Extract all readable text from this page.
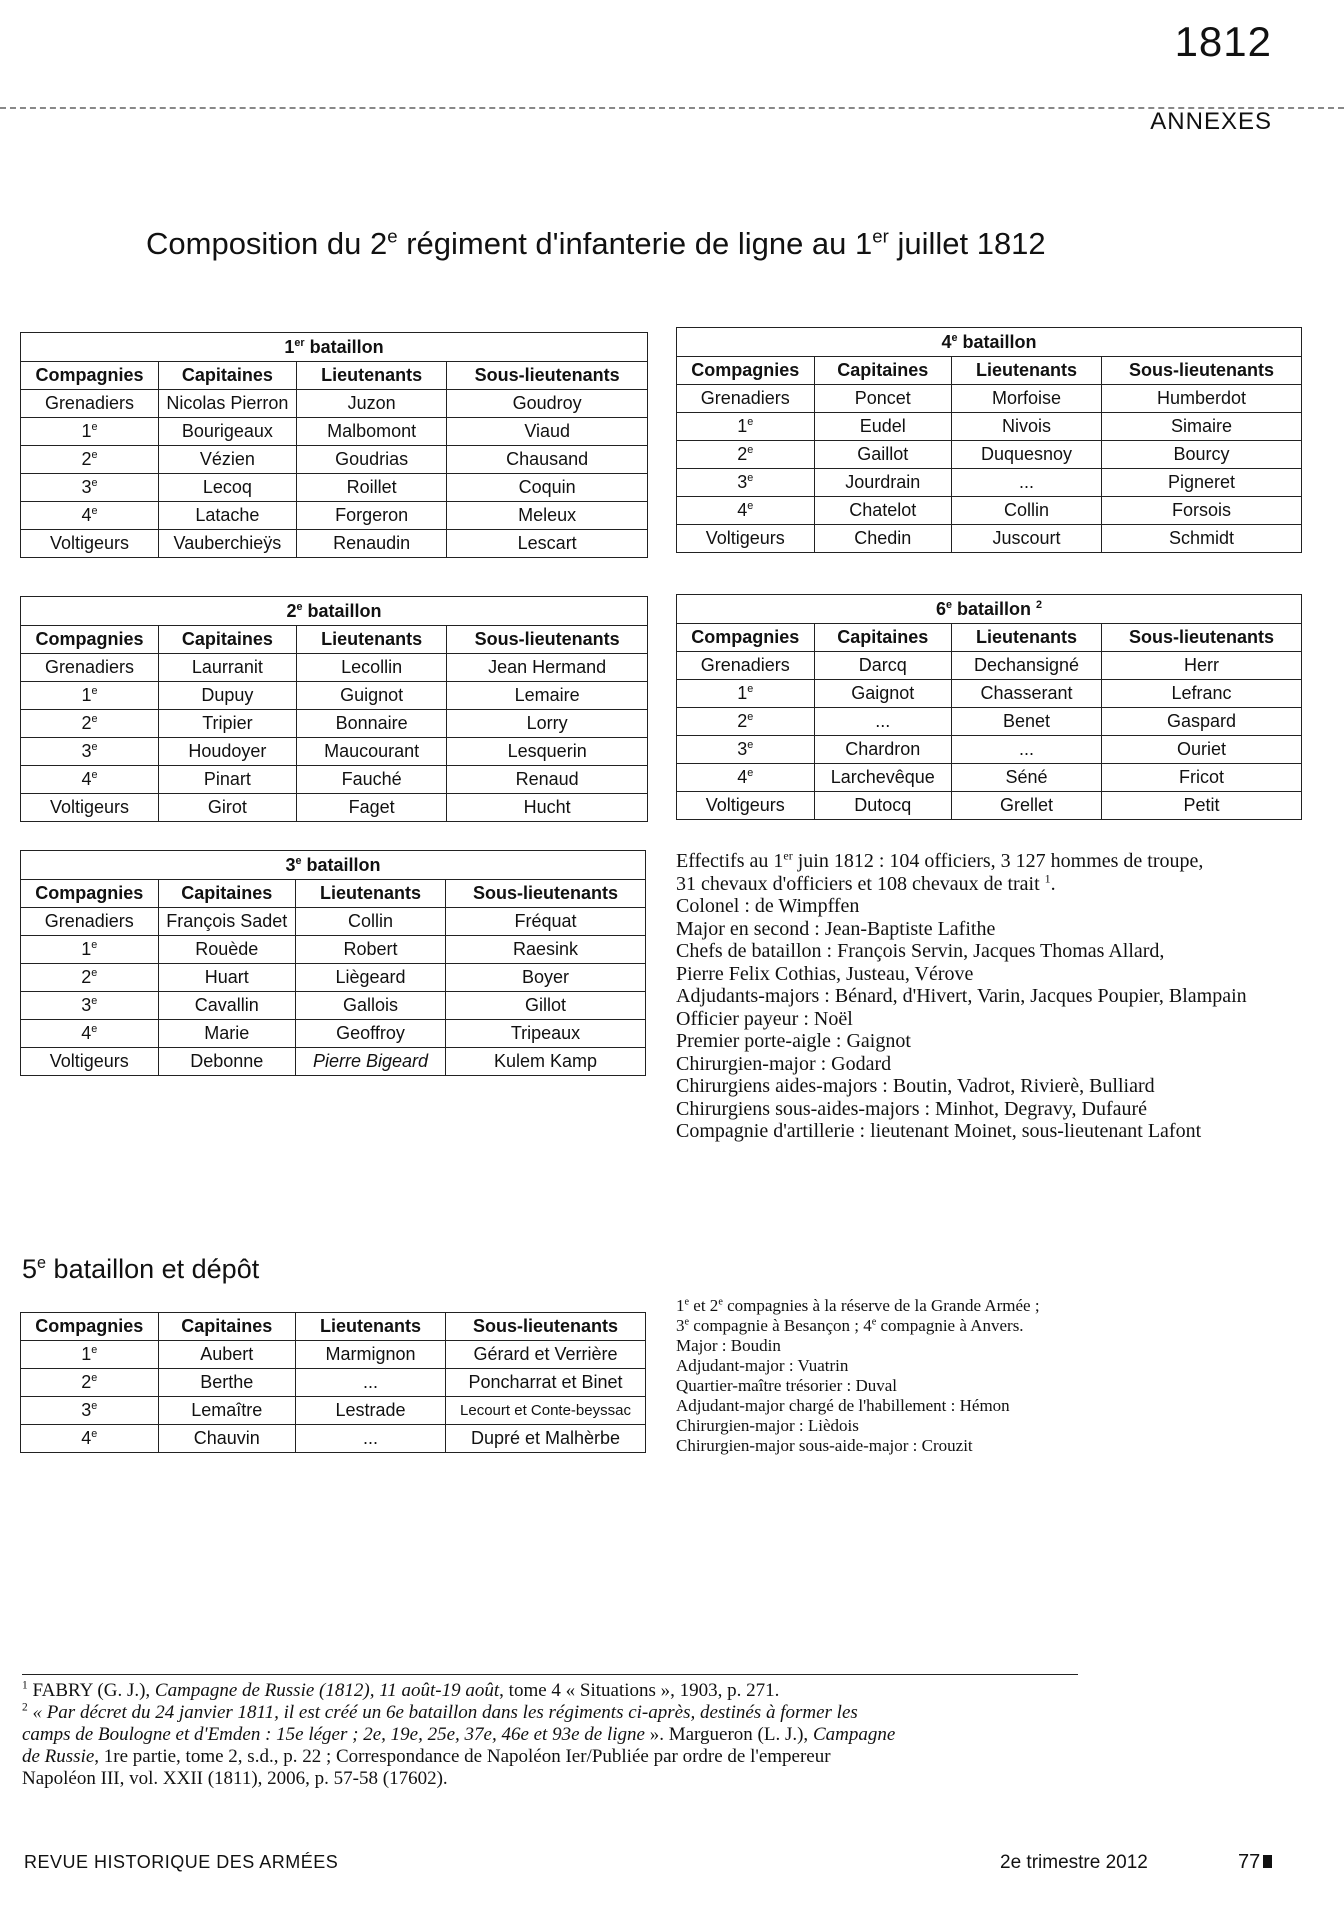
1812
ANNEXES
Composition du 2e régiment d'infanterie de ligne au 1er juillet 1812
1er bataillon			
Compagnies	Capitaines	Lieutenants	Sous-lieutenants
Grenadiers	Nicolas Pierron	Juzon	Goudroy
1e	Bourigeaux	Malbomont	Viaud
2e	Vézien	Goudrias	Chausand
3e	Lecoq	Roillet	Coquin
4e	Latache	Forgeron	Meleux
Voltigeurs	Vauberchieÿs	Renaudin	Lescart
2e bataillon			
Compagnies	Capitaines	Lieutenants	Sous-lieutenants
Grenadiers	Laurranit	Lecollin	Jean Hermand
1e	Dupuy	Guignot	Lemaire
2e	Tripier	Bonnaire	Lorry
3e	Houdoyer	Maucourant	Lesquerin
4e	Pinart	Fauché	Renaud
Voltigeurs	Girot	Faget	Hucht
3e bataillon			
Compagnies	Capitaines	Lieutenants	Sous-lieutenants
Grenadiers	François Sadet	Collin	Fréquat
1e	Rouède	Robert	Raesink
2e	Huart	Lièg​eard	Boyer
3e	Cavallin	Gallois	Gillot
4e	Marie	Geoffroy	Tripeaux
Voltigeurs	Debonne	Pierre Bigeard	Kulem Kamp
4e bataillon			
Compagnies	Capitaines	Lieutenants	Sous-lieutenants
Grenadiers	Poncet	Morfoise	Humberdot
1e	Eudel	Nivois	Simaire
2e	Gaillot	Duquesnoy	Bourcy
3e	Jourdrain	...	Pigneret
4e	Chatelot	Collin	Forsois
Voltigeurs	Chedin	Juscourt	Schmidt
6e bataillon $^2$
Compagnies	Capitaines	Lieutenants	Sous-lieutenants
Grenadiers	Darcq	Dechansigné	Herr
1e	Gaignot	Chasserant	Lefranc
2e	...	Benet	Gaspard
3e	Chardron	...	Ouriet
4e	Larchevêque	Séné	Fricot
Voltigeurs	Dutocq	Grellet	Petit
Effectifs au 1er juin 1812 : 104 officiers, 3 127 hommes de troupe,
31 chevaux d'officiers et 108 chevaux de trait $^1$.
Colonel : de Wimpffen
Major en second : Jean-Baptiste Lafithe
Chefs de bataillon : François Servin, Jacques Thomas Allard,
Pierre Felix Cothias, Justeau, Vérove
Adjudants-majors : Bénard, d'Hivert, Varin, Jacques Poupier, Blampain
Officier payeur : Noël
Premier porte-aigle : Gaignot
Chirurgien-major : Godard
Chirurgiens aides-majors : Boutin, Vadrot, Rivierè, Bulliard
Chirurgiens sous-aides-majors : Minhot, Degravy, Dufauré
Compagnie d'artillerie : lieutenant Moinet, sous-lieutenant Lafont
5e bataillon et dépôt
Compagnies	Capitaines	Lieutenants	Sous-lieutenants
1e	Aubert	Marmignon	Gérard et Verrière
2e	Berthe	...	Poncharrat et Binet
3e	Lemaître	Lestrade	Lecourt et Conte-beyssac
4e	Chauvin	...	Dupré et Malhèrbe
1e et 2e compagnies à la réserve de la Grande Armée ;
3e compagnie à Besançon ; 4e compagnie à Anvers.
Major : Boudin
Adjudant-major : Vuatrin
Quartier-maître trésorier : Duval
Adjudant-major chargé de l'habillement : Hémon
Chirurgien-major : Lièdois
Chirurgien-major sous-aide-major : Crouzit
$^1$ FABRY (G. J.), Campagne de Russie (1812), 11 août-19 août, tome 4 « Situations », 1903, p. 271.
$^2$ « Par décret du 24 janvier 1811, il est créé un 6e bataillon dans les régiments ci-après, destinés à former les
camps de Boulogne et d'Emden : 15e léger ; 2e, 19e, 25e, 37e, 46e et 93e de ligne ». Margueron (L. J.), Campagne
de Russie, 1re partie, tome 2, s.d., p. 22 ; Correspondance de Napoléon Ier/Publiée par ordre de l'empereur
Napoléon III, vol. XXII (1811), 2006, p. 57-58 (17602).
REVUE HISTORIQUE DES ARMÉES	2e trimestre 2012	77
